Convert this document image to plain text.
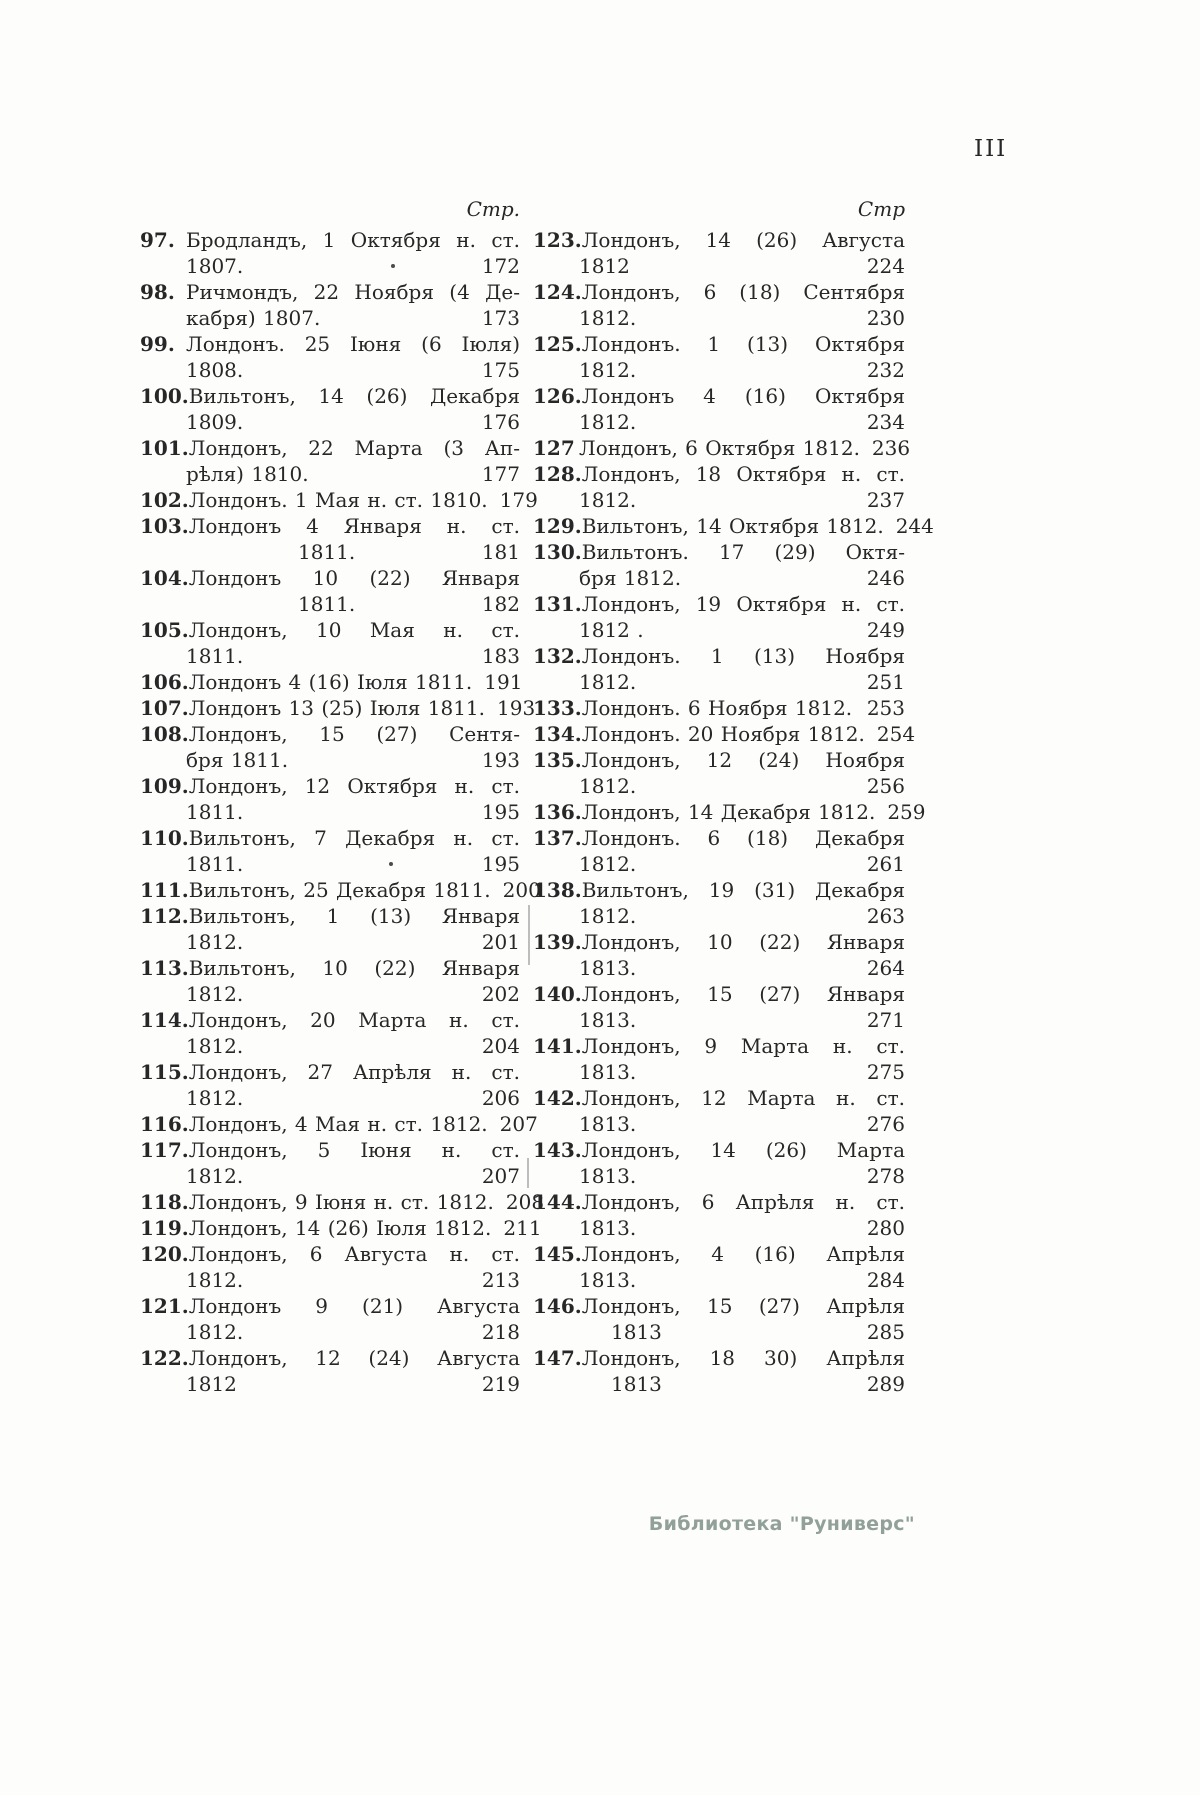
III
Стр.
97. Бродландъ, 1 Октября н. ст.
1807.	172
98. Ричмондъ, 22 Ноября (4 Де-
кабря) 1807.	173
99. Лондонъ. 25 Іюня (6 Іюля)
1808.	175
100. Вильтонъ, 14 (26) Декабря
1809.	176
101. Лондонъ, 22 Марта (3 Ап-
рѣля) 1810.	177
102. Лондонъ. 1 Мая н. ст. 1810. 179
103. Лондонъ 4 Января н. ст.
1811.	181
104. Лондонъ 10 (22) Января
1811.	182
105. Лондонъ, 10 Мая н. ст.
1811.	183
106. Лондонъ 4 (16) Іюля 1811. 191
107. Лондонъ 13 (25) Іюля 1811. 193
108. Лондонъ, 15 (27) Сентя-
бря 1811.	193
109. Лондонъ, 12 Октября н. ст.
1811.	195
110. Вильтонъ, 7 Декабря н. ст.
1811.	195
111. Вильтонъ, 25 Декабря 1811. 200
112. Вильтонъ, 1 (13) Января
1812.	201
113. Вильтонъ, 10 (22) Января
1812.	202
114. Лондонъ, 20 Марта н. ст.
1812.	204
115. Лондонъ, 27 Апрѣля н. ст.
1812.	206
116. Лондонъ, 4 Мая н. ст. 1812. 207
117. Лондонъ, 5 Іюня н. ст.
1812.	207
118. Лондонъ, 9 Іюня н. ст. 1812. 208
119. Лондонъ, 14 (26) Іюля 1812. 211
120. Лондонъ, 6 Августа н. ст.
1812.	213
121. Лондонъ 9 (21) Августа
1812.	218
122. Лондонъ, 12 (24) Августа
1812	219
Стр
123. Лондонъ, 14 (26) Августа
1812	224
124. Лондонъ, 6 (18) Сентября
1812.	230
125. Лондонъ. 1 (13) Октября
1812.	232
126. Лондонъ 4 (16) Октября
1812.	234
127 Лондонъ, 6 Октября 1812. 236
128. Лондонъ, 18 Октября н. ст.
1812.	237
129. Вильтонъ, 14 Октября 1812. 244
130. Вильтонъ. 17 (29) Октя-
бря 1812.	246
131. Лондонъ, 19 Октября н. ст.
1812 .	249
132. Лондонъ. 1 (13) Ноября
1812.	251
133. Лондонъ. 6 Ноября 1812. 253
134. Лондонъ. 20 Ноября 1812. 254
135. Лондонъ, 12 (24) Ноября
1812.	256
136. Лондонъ, 14 Декабря 1812. 259
137. Лондонъ. 6 (18) Декабря
1812.	261
138. Вильтонъ, 19 (31) Декабря
1812.	263
139. Лондонъ, 10 (22) Января
1813.	264
140. Лондонъ, 15 (27) Января
1813.	271
141. Лондонъ, 9 Марта н. ст.
1813.	275
142. Лондонъ, 12 Марта н. ст.
1813.	276
143. Лондонъ, 14 (26) Марта
1813.	278
144. Лондонъ, 6 Апрѣля н. ст.
1813.	280
145. Лондонъ, 4 (16) Апрѣля
1813.	284
146. Лондонъ, 15 (27) Апрѣля
1813	285
147. Лондонъ, 18 30) Апрѣля
1813	289
Библиотека "Руниверс"
